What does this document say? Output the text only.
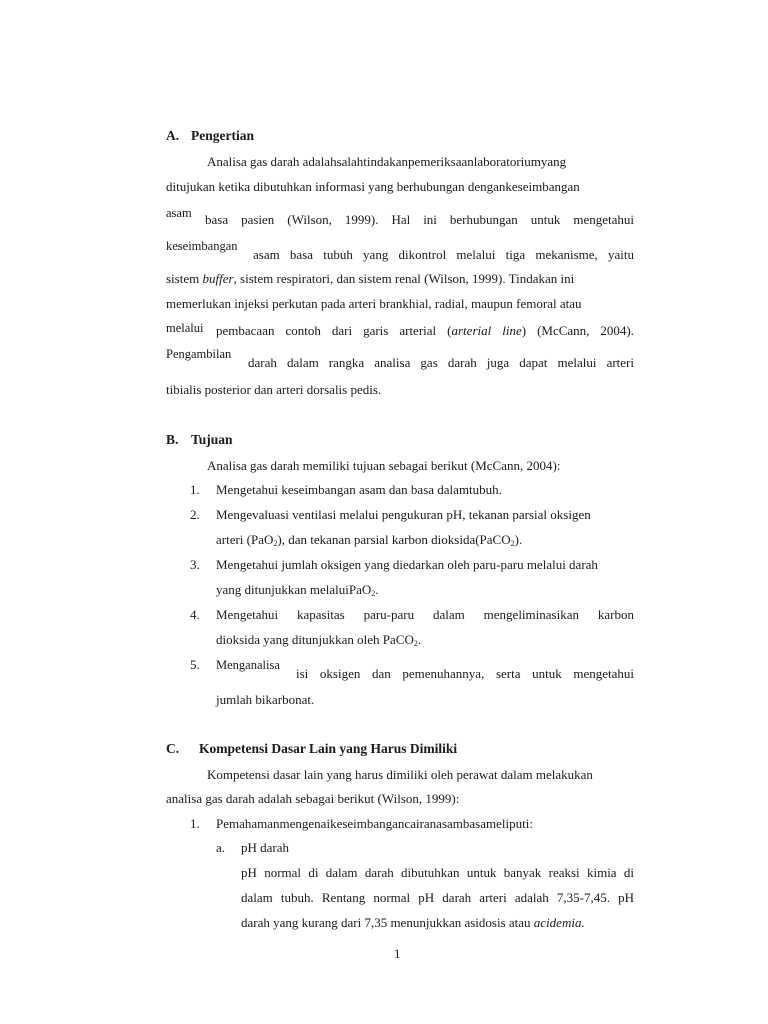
A. Pengertian
Analisa gas darah adalahsalahtindakanpemeriksaanlaboratoriumyang
ditujukan ketika dibutuhkan informasi yang berhubungan dengankeseimbangan
asam basa pasien (Wilson, 1999). Hal ini berhubungan untuk mengetahui
keseimbangan
asam basa tubuh yang dikontrol melalui tiga mekanisme, yaitu
sistem buffer, sistem respiratori, dan sistem renal (Wilson, 1999). Tindakan ini
memerlukan injeksi perkutan pada arteri brankhial, radial, maupun femoral atau
melalui pembacaan contoh dari garis arterial (arterial line) (McCann, 2004).
Pengambilan
darah dalam rangka analisa gas darah juga dapat melalui arteri
tibialis posterior dan arteri dorsalis pedis.
B. Tujuan
Analisa gas darah memiliki tujuan sebagai berikut (McCann, 2004):
1. Mengetahui keseimbangan asam dan basa dalamtubuh.
2. Mengevaluasi ventilasi melalui pengukuran pH, tekanan parsial oksigen
arteri (PaO$_2$), dan tekanan parsial karbon dioksida(PaCO$_2$).
3. Mengetahui jumlah oksigen yang diedarkan oleh paru-paru melalui darah
yang ditunjukkan melaluiPaO$_2$.
4. Mengetahui kapasitas paru-paru dalam mengeliminasikan karbon
dioksida yang ditunjukkan oleh PaCO$_2$.
5. Menganalisa
isi oksigen dan pemenuhannya, serta untuk mengetahui
jumlah bikarbonat.
C. Kompetensi Dasar Lain yang Harus Dimiliki
Kompetensi dasar lain yang harus dimiliki oleh perawat dalam melakukan
analisa gas darah adalah sebagai berikut (Wilson, 1999):
1. Pemahamanmengenaikeseimbangancairanasambasameliputi:
a. pH darah
pH normal di dalam darah dibutuhkan untuk banyak reaksi kimia di
dalam tubuh. Rentang normal pH darah arteri adalah 7,35-7,45. pH
darah yang kurang dari 7,35 menunjukkan asidosis atau acidemia.
1
